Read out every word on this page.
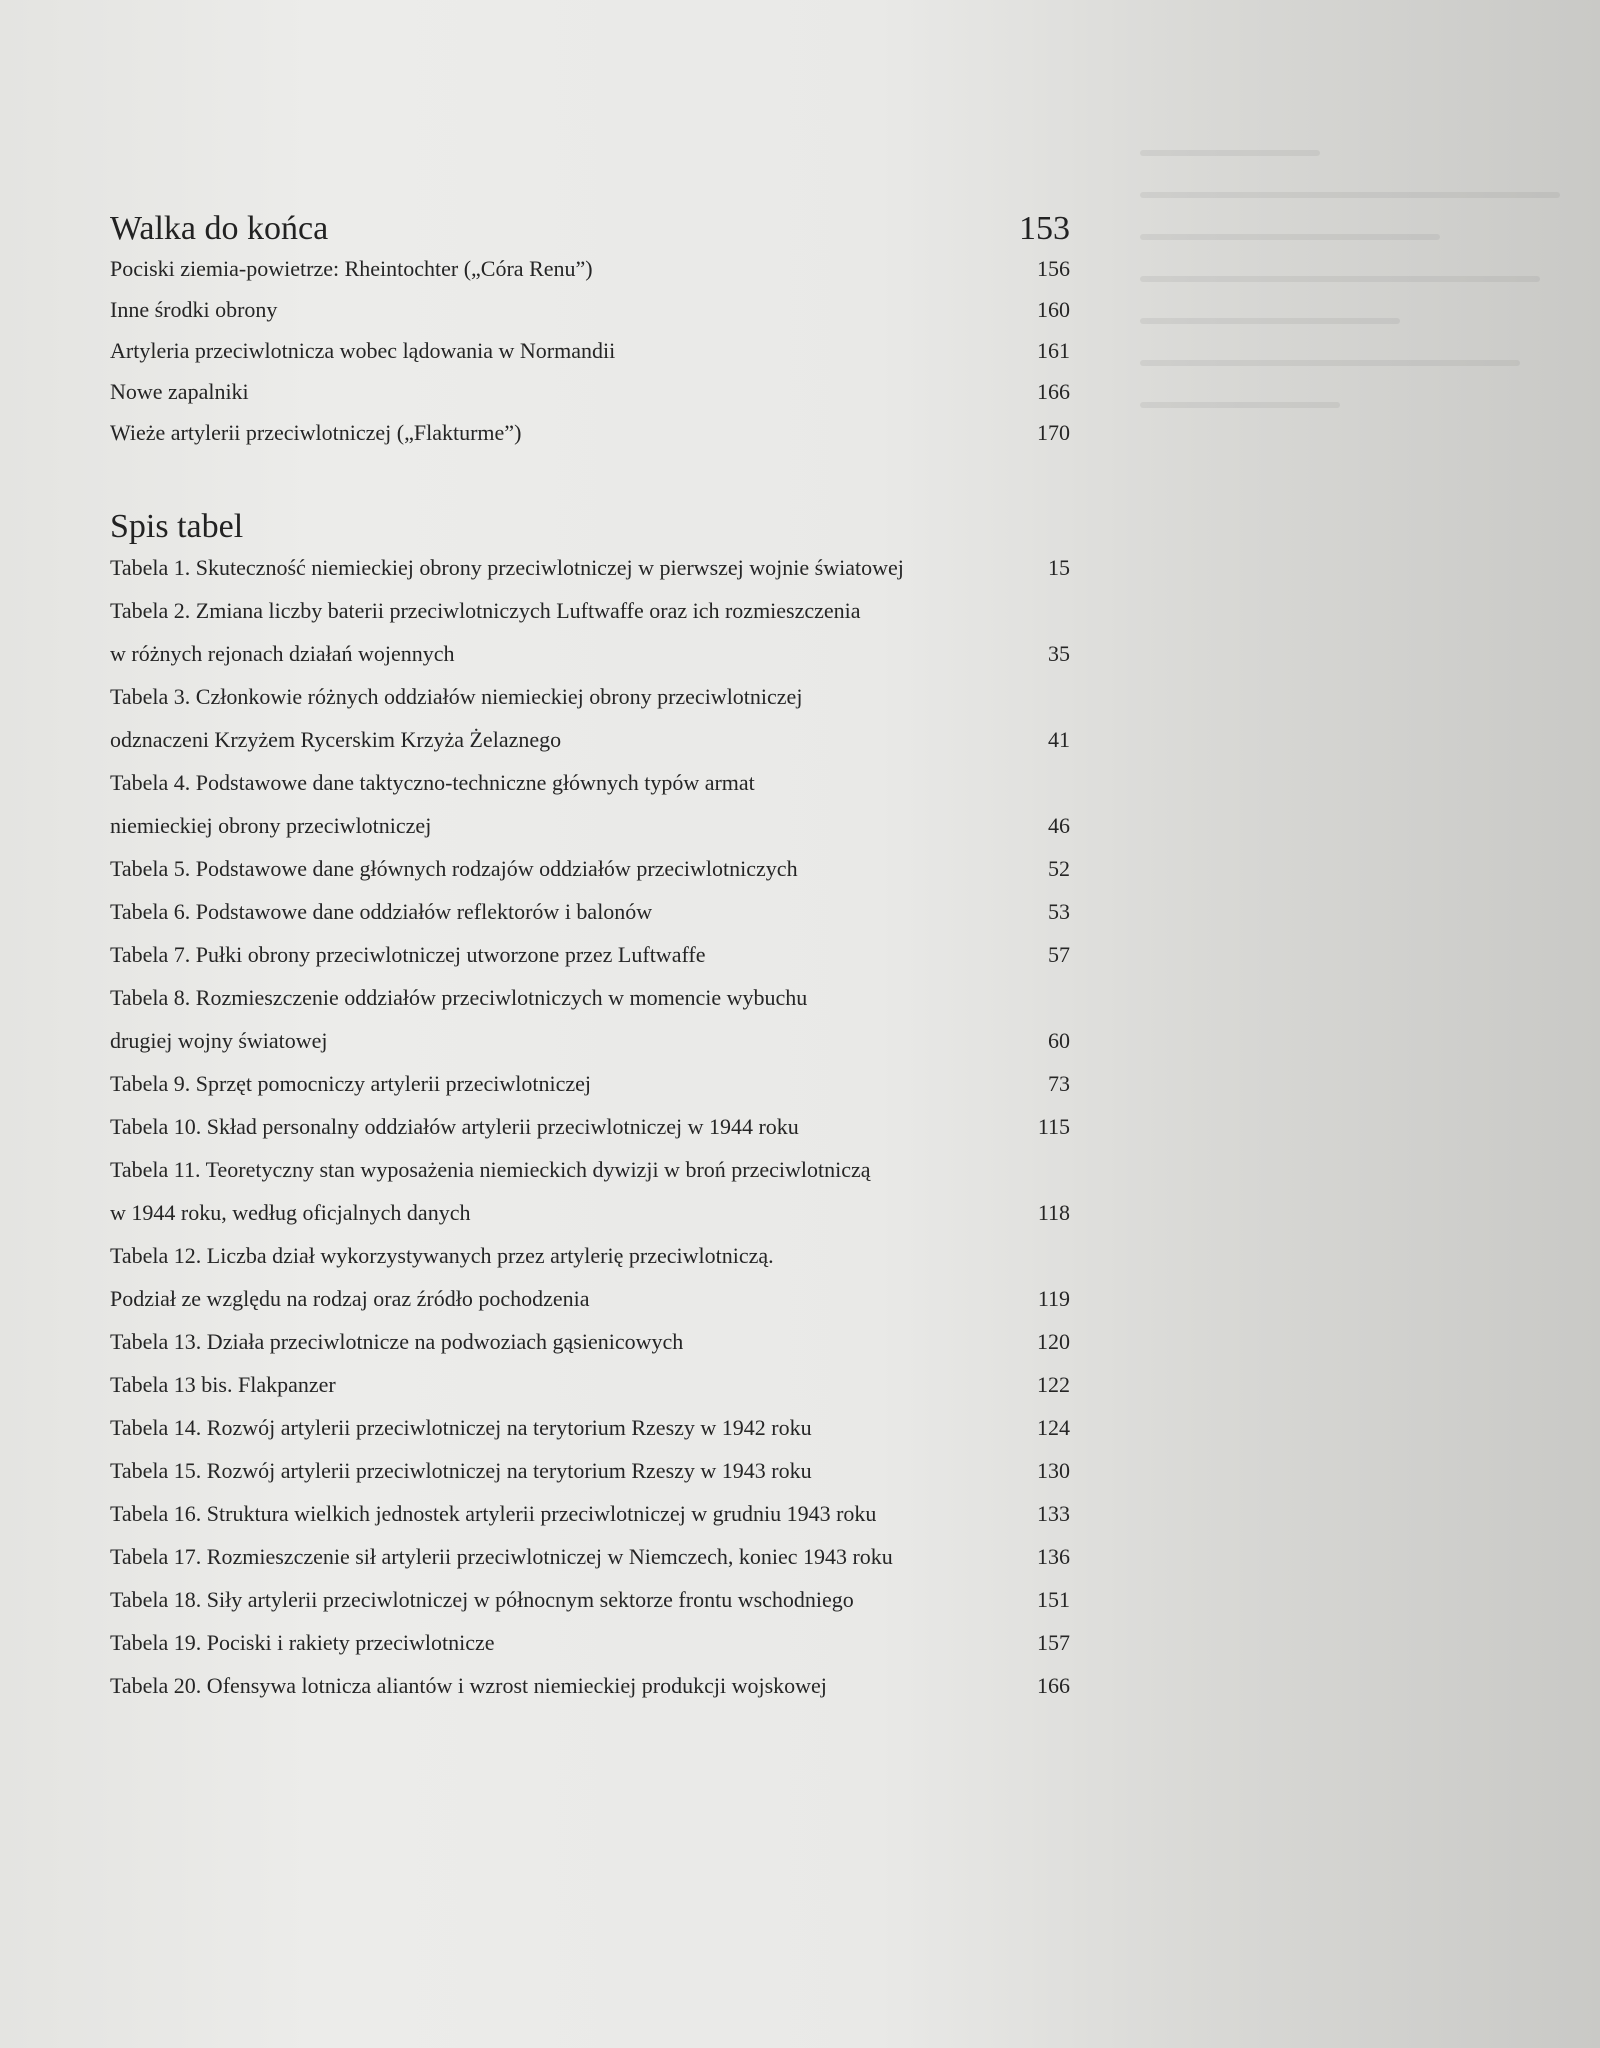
Walka do końca	153
Pociski ziemia-powietrze: Rheintochter („Córa Renu”)	156
Inne środki obrony	160
Artyleria przeciwlotnicza wobec lądowania w Normandii	161
Nowe zapalniki	166
Wieże artylerii przeciwlotniczej („Flakturme”)	170
Spis tabel
Tabela 1. Skuteczność niemieckiej obrony przeciwlotniczej w pierwszej wojnie światowej	15
Tabela 2. Zmiana liczby baterii przeciwlotniczych Luftwaffe oraz ich rozmieszczenia
w różnych rejonach działań wojennych	35
Tabela 3. Członkowie różnych oddziałów niemieckiej obrony przeciwlotniczej
odznaczeni Krzyżem Rycerskim Krzyża Żelaznego	41
Tabela 4. Podstawowe dane taktyczno-techniczne głównych typów armat
niemieckiej obrony przeciwlotniczej	46
Tabela 5. Podstawowe dane głównych rodzajów oddziałów przeciwlotniczych	52
Tabela 6. Podstawowe dane oddziałów reflektorów i balonów	53
Tabela 7. Pułki obrony przeciwlotniczej utworzone przez Luftwaffe	57
Tabela 8. Rozmieszczenie oddziałów przeciwlotniczych w momencie wybuchu
drugiej wojny światowej	60
Tabela 9. Sprzęt pomocniczy artylerii przeciwlotniczej	73
Tabela 10. Skład personalny oddziałów artylerii przeciwlotniczej w 1944 roku	115
Tabela 11. Teoretyczny stan wyposażenia niemieckich dywizji w broń przeciwlotniczą
w 1944 roku, według oficjalnych danych	118
Tabela 12. Liczba dział wykorzystywanych przez artylerię przeciwlotniczą.
Podział ze względu na rodzaj oraz źródło pochodzenia	119
Tabela 13. Działa przeciwlotnicze na podwoziach gąsienicowych	120
Tabela 13 bis. Flakpanzer	122
Tabela 14. Rozwój artylerii przeciwlotniczej na terytorium Rzeszy w 1942 roku	124
Tabela 15. Rozwój artylerii przeciwlotniczej na terytorium Rzeszy w 1943 roku	130
Tabela 16. Struktura wielkich jednostek artylerii przeciwlotniczej w grudniu 1943 roku	133
Tabela 17. Rozmieszczenie sił artylerii przeciwlotniczej w Niemczech, koniec 1943 roku	136
Tabela 18. Siły artylerii przeciwlotniczej w północnym sektorze frontu wschodniego	151
Tabela 19. Pociski i rakiety przeciwlotnicze	157
Tabela 20. Ofensywa lotnicza aliantów i wzrost niemieckiej produkcji wojskowej	166
